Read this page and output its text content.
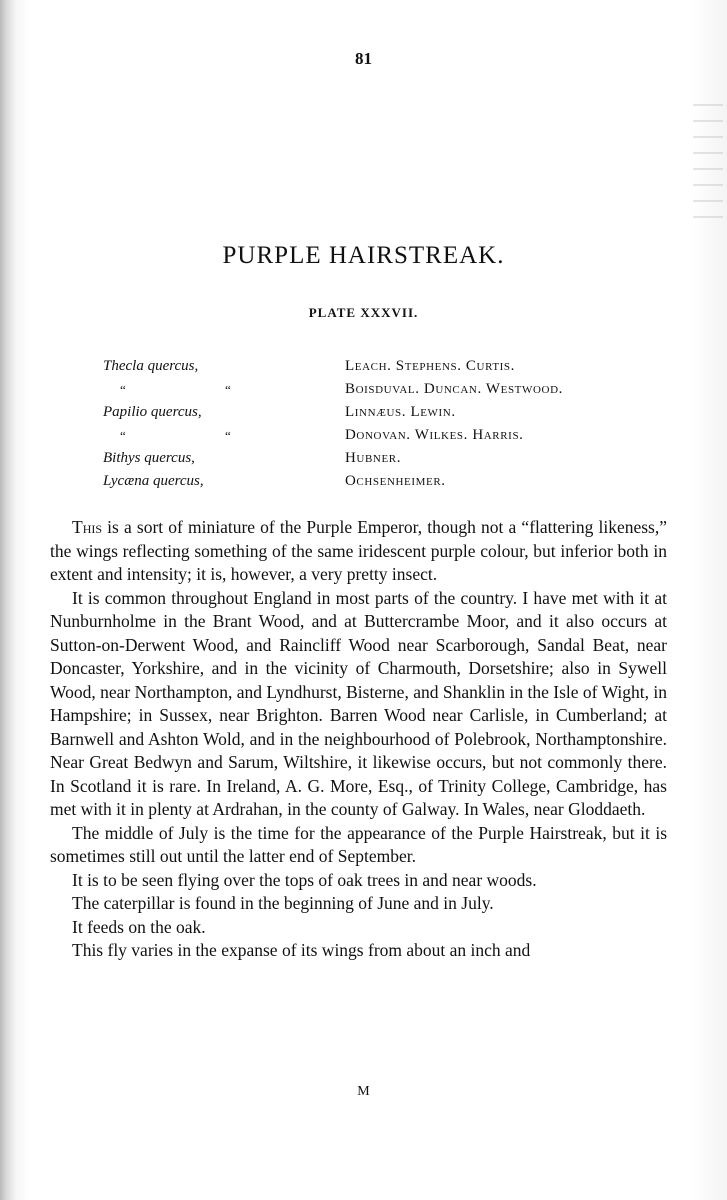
81
PURPLE HAIRSTREAK.
PLATE XXXVII.
Thecla quercus,	Leach. Stephens. Curtis.
“ “	Boisduval. Duncan. Westwood.
Papilio quercus,	Linnæus. Lewin.
“ “	Donovan. Wilkes. Harris.
Bithys quercus,	Hubner.
Lycæna quercus,	Ochsenheimer.

This is a sort of miniature of the Purple Emperor, though not a “flattering likeness,” the wings reflecting something of the same iridescent purple colour, but inferior both in extent and intensity; it is, however, a very pretty insect.

It is common throughout England in most parts of the country. I have met with it at Nunburnholme in the Brant Wood, and at Buttercrambe Moor, and it also occurs at Sutton-on-Derwent Wood, and Raincliff Wood near Scarborough, Sandal Beat, near Doncaster, Yorkshire, and in the vicinity of Charmouth, Dorsetshire; also in Sywell Wood, near Northampton, and Lyndhurst, Bisterne, and Shanklin in the Isle of Wight, in Hampshire; in Sussex, near Brighton. Barren Wood near Carlisle, in Cumberland; at Barnwell and Ashton Wold, and in the neighbourhood of Polebrook, Northamptonshire. Near Great Bedwyn and Sarum, Wiltshire, it likewise occurs, but not commonly there. In Scotland it is rare. In Ireland, A. G. More, Esq., of Trinity College, Cambridge, has met with it in plenty at Ardrahan, in the county of Galway. In Wales, near Gloddaeth.

The middle of July is the time for the appearance of the Purple Hairstreak, but it is sometimes still out until the latter end of September.

It is to be seen flying over the tops of oak trees in and near woods.

The caterpillar is found in the beginning of June and in July.

It feeds on the oak.

This fly varies in the expanse of its wings from about an inch and

M
